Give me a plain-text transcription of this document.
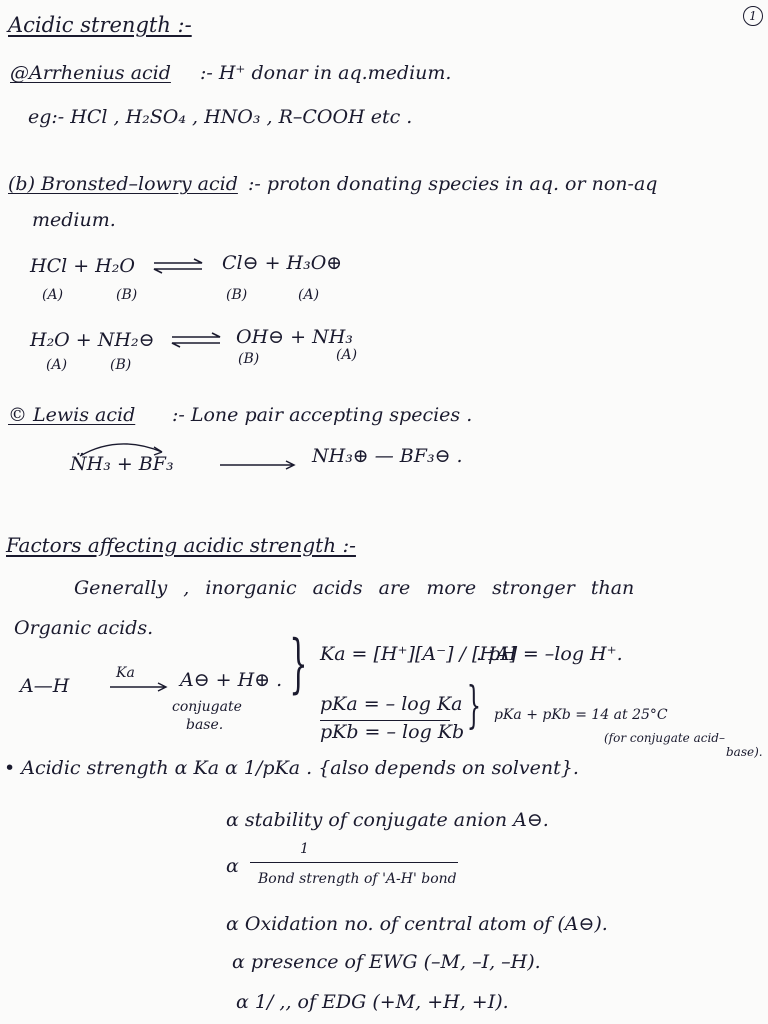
1
Acidic strength :-
@Arrhenius acid :- H⁺ donar in aq.medium.
eg:- HCl , H₂SO₄ , HNO₃ , R–COOH etc .
(b) Bronsted–lowry acid :- proton donating species in aq. or non-aq
medium.
HCl + H₂O ⇌ Cl⊖ + H₃O⊕
(A)	(B)	(B)	(A)
H₂O + NH₂⊖ ⇌ OH⊖ + NH₃
(A)	(B)	(B)	(A)
© Lewis acid :- Lone pair accepting species .
N̈H₃ + BF₃	NH₃⊕ — BF₃⊖ .
Factors affecting acidic strength :-
Generally , inorganic acids are more stronger than
Organic acids.
A—H
Ka → A⊖ + H⊕ .
conjugate
base.
} Ka = [H⁺][A⁻] / [HA]
. pH = –log H⁺.
pKa = – log Ka
pKb = – log Kb } pKa + pKb = 14 at 25°C
(for conjugate acid–
base).
• Acidic strength α Ka α 1/pKa . {also depends on solvent}.
α stability of conjugate anion A⊖.
α
1
Bond strength of 'A-H' bond
α Oxidation no. of central atom of (A⊖).
α presence of EWG (–M, –I, –H).
α 1/ ,, of EDG (+M, +H, +I).
